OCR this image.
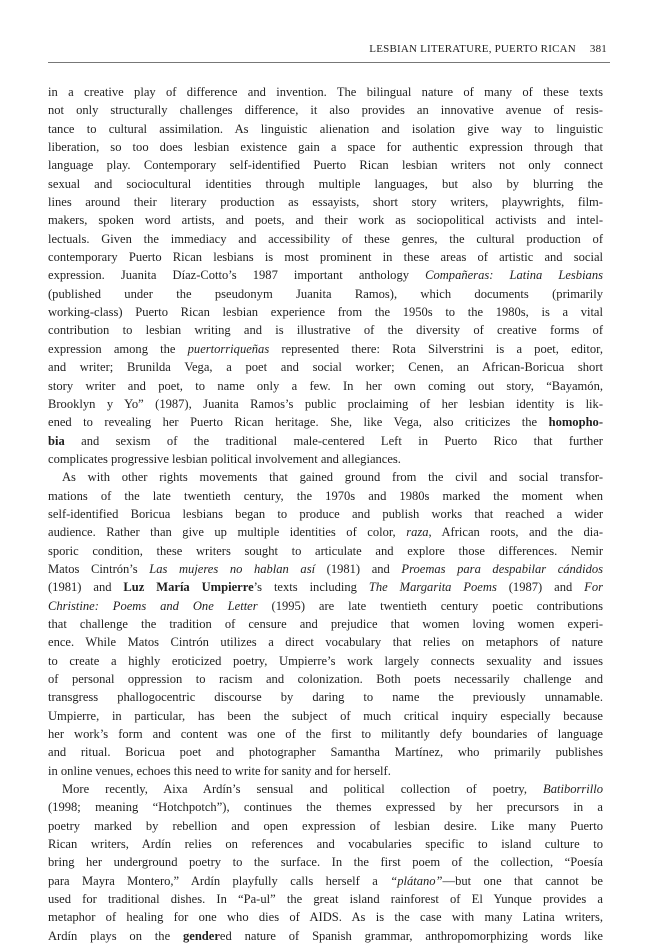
LESBIAN LITERATURE, PUERTO RICAN 381
in a creative play of difference and invention. The bilingual nature of many of these texts
not only structurally challenges difference, it also provides an innovative avenue of resis-
tance to cultural assimilation. As linguistic alienation and isolation give way to linguistic
liberation, so too does lesbian existence gain a space for authentic expression through that
language play. Contemporary self-identified Puerto Rican lesbian writers not only connect
sexual and sociocultural identities through multiple languages, but also by blurring the
lines around their literary production as essayists, short story writers, playwrights, film-
makers, spoken word artists, and poets, and their work as sociopolitical activists and intel-
lectuals. Given the immediacy and accessibility of these genres, the cultural production of
contemporary Puerto Rican lesbians is most prominent in these areas of artistic and social
expression. Juanita Díaz-Cotto’s 1987 important anthology Compañeras: Latina Lesbians
(published under the pseudonym Juanita Ramos), which documents (primarily
working-class) Puerto Rican lesbian experience from the 1950s to the 1980s, is a vital
contribution to lesbian writing and is illustrative of the diversity of creative forms of
expression among the puertorriqueñas represented there: Rota Silverstrini is a poet, editor,
and writer; Brunilda Vega, a poet and social worker; Cenen, an African-Boricua short
story writer and poet, to name only a few. In her own coming out story, “Bayamón,
Brooklyn y Yo” (1987), Juanita Ramos’s public proclaiming of her lesbian identity is lik-
ened to revealing her Puerto Rican heritage. She, like Vega, also criticizes the homopho-
bia and sexism of the traditional male-centered Left in Puerto Rico that further
complicates progressive lesbian political involvement and allegiances.
As with other rights movements that gained ground from the civil and social transfor-
mations of the late twentieth century, the 1970s and 1980s marked the moment when
self-identified Boricua lesbians began to produce and publish works that reached a wider
audience. Rather than give up multiple identities of color, raza, African roots, and the dia-
sporic condition, these writers sought to articulate and explore those differences. Nemir
Matos Cintrón’s Las mujeres no hablan así (1981) and Proemas para despabilar cándidos
(1981) and Luz María Umpierre’s texts including The Margarita Poems (1987) and For
Christine: Poems and One Letter (1995) are late twentieth century poetic contributions
that challenge the tradition of censure and prejudice that women loving women experi-
ence. While Matos Cintrón utilizes a direct vocabulary that relies on metaphors of nature
to create a highly eroticized poetry, Umpierre’s work largely connects sexuality and issues
of personal oppression to racism and colonization. Both poets necessarily challenge and
transgress phallogocentric discourse by daring to name the previously unnamable.
Umpierre, in particular, has been the subject of much critical inquiry especially because
her work’s form and content was one of the first to militantly defy boundaries of language
and ritual. Boricua poet and photographer Samantha Martínez, who primarily publishes
in online venues, echoes this need to write for sanity and for herself.
More recently, Aixa Ardín’s sensual and political collection of poetry, Batiborrillo
(1998; meaning “Hotchpotch”), continues the themes expressed by her precursors in a
poetry marked by rebellion and open expression of lesbian desire. Like many Puerto
Rican writers, Ardín relies on references and vocabularies specific to island culture to
bring her underground poetry to the surface. In the first poem of the collection, “Poesía
para Mayra Montero,” Ardín playfully calls herself a “plátano”—but one that cannot be
used for traditional dishes. In “Pa-ul” the great island rainforest of El Yunque provides a
metaphor of healing for one who dies of AIDS. As is the case with many Latina writers,
Ardín plays on the gendered nature of Spanish grammar, anthropomorphizing words like
